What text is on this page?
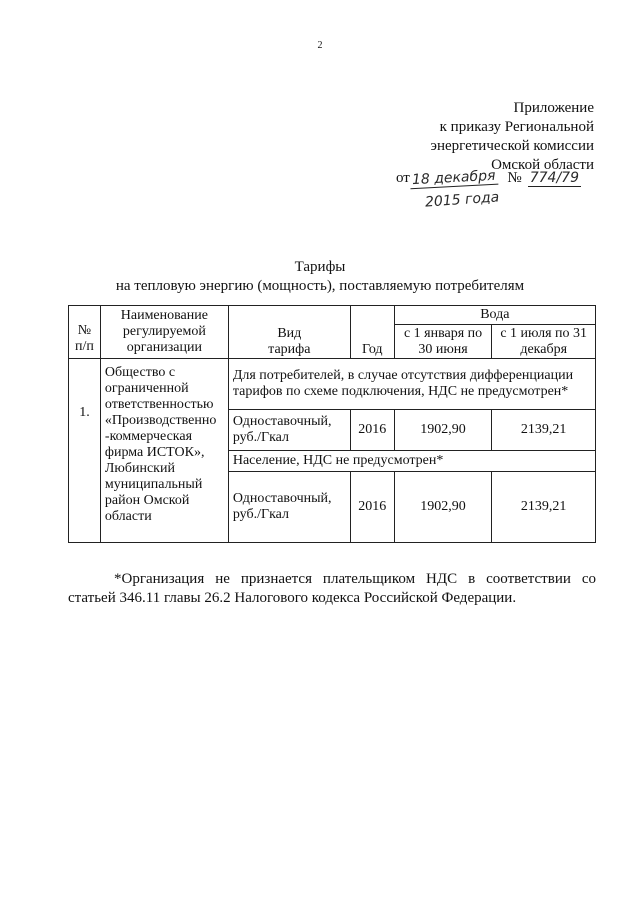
2
Приложение
к приказу Региональной
энергетической комиссии
Омской области
от 18 декабря № 774/79
2015 года
Тарифы
на тепловую энергию (мощность), поставляемую потребителям
№ п/п	Наименование регулируемой организации	Вид тарифа	Год	Вода	
				с 1 января по 30 июня	с 1 июля по 31 декабря
1.	Общество с ограниченной ответственностью «Производственно -коммерческая фирма ИСТОК», Любинский муниципальный район Омской области	Для потребителей, в случае отсутствия дифференциации тарифов по схеме подключения, НДС не предусмотрен*			
		Одноставочный, руб./Гкал	2016	1902,90	2139,21
		Население, НДС не предусмотрен*			
		Одноставочный, руб./Гкал	2016	1902,90	2139,21
*Организация не признается плательщиком НДС в соответствии со статьей 346.11 главы 26.2 Налогового кодекса Российской Федерации.
